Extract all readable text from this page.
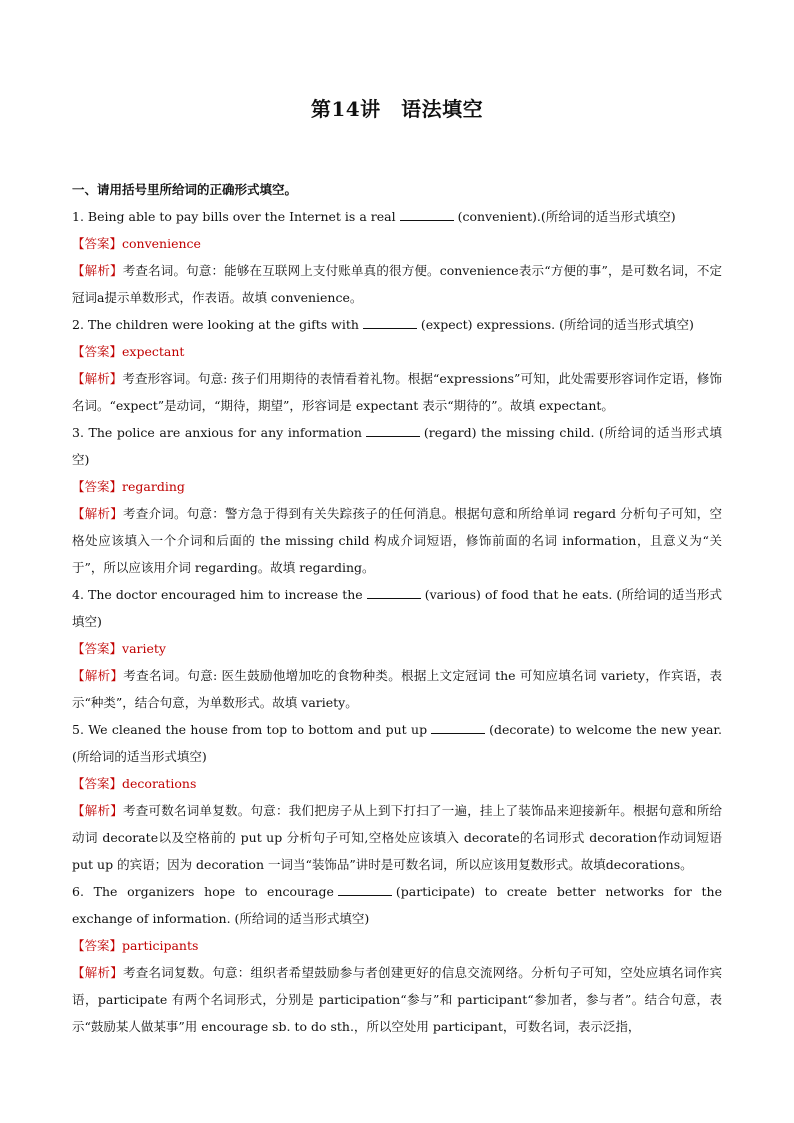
第14讲　语法填空

一、请用括号里所给词的正确形式填空。

1. Being able to pay bills over the Internet is a real	(convenient).(所给词的适当形式填空)

【答案】convenience

【解析】考查名词。句意：能够在互联网上支付账单真的很方便。convenience表示“方便的事”，是可数名词，不定冠词a提示单数形式，作表语。故填 convenience。

2. The children were looking at the gifts with	(expect) expressions. (所给词的适当形式填空)

【答案】expectant

【解析】考查形容词。句意: 孩子们用期待的表情看着礼物。根据“expressions”可知，此处需要形容词作定语，修饰名词。“expect”是动词，“期待，期望”，形容词是 expectant 表示“期待的”。故填 expectant。

3. The police are anxious for any information	(regard) the missing child. (所给词的适当形式填空)

【答案】regarding

【解析】考查介词。句意：警方急于得到有关失踪孩子的任何消息。根据句意和所给单词 regard 分析句子可知，空格处应该填入一个介词和后面的 the missing child 构成介词短语，修饰前面的名词 information，且意义为“关于”，所以应该用介词 regarding。故填 regarding。

4. The doctor encouraged him to increase the	(various) of food that he eats. (所给词的适当形式填空)

【答案】variety

【解析】考查名词。句意: 医生鼓励他增加吃的食物种类。根据上文定冠词 the 可知应填名词 variety，作宾语，表示“种类”，结合句意，为单数形式。故填 variety。

5. We cleaned the house from top to bottom and put up	(decorate) to welcome the new year. (所给词的适当形式填空)

【答案】decorations

【解析】考查可数名词单复数。句意：我们把房子从上到下打扫了一遍，挂上了装饰品来迎接新年。根据句意和所给动词 decorate以及空格前的 put up 分析句子可知,空格处应该填入 decorate的名词形式 decoration作动词短语 put up 的宾语；因为 decoration 一词当“装饰品”讲时是可数名词，所以应该用复数形式。故填decorations。

6. The organizers hope to encourage	(participate) to create better networks for the exchange of information. (所给词的适当形式填空)

【答案】participants

【解析】考查名词复数。句意：组织者希望鼓励参与者创建更好的信息交流网络。分析句子可知，空处应填名词作宾语，participate 有两个名词形式，分别是 participation“参与”和 participant“参加者，参与者”。结合句意，表示“鼓励某人做某事”用 encourage sb. to do sth.，所以空处用 participant，可数名词，表示泛指，
